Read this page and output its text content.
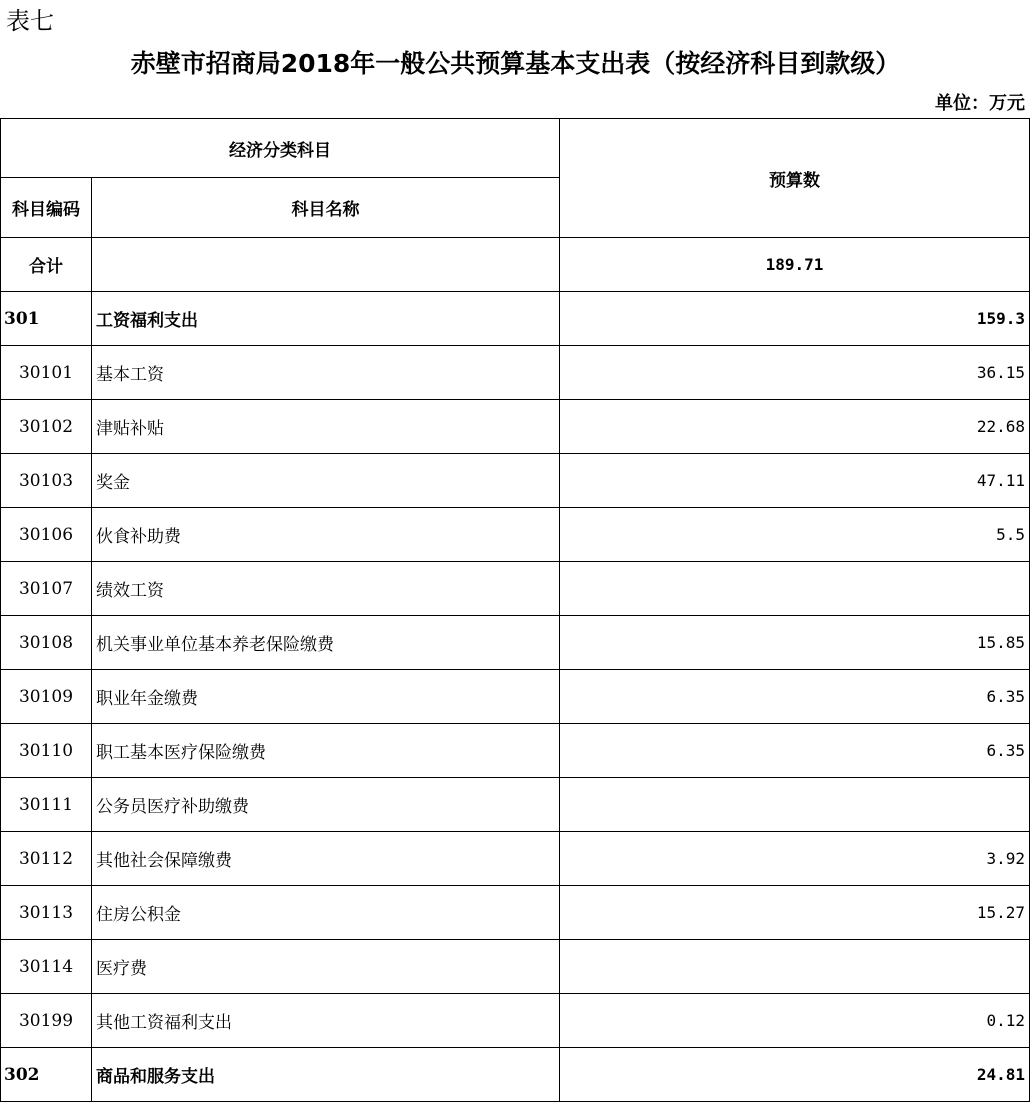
表七
赤壁市招商局2018年一般公共预算基本支出表（按经济科目到款级）
单位：万元
经济分类科目		预算数
科目编码	科目名称	
合计		189.71
301	工资福利支出	159.3
30101	基本工资	36.15
30102	津贴补贴	22.68
30103	奖金	47.11
30106	伙食补助费	5.5
30107	绩效工资	
30108	机关事业单位基本养老保险缴费	15.85
30109	职业年金缴费	6.35
30110	职工基本医疗保险缴费	6.35
30111	公务员医疗补助缴费	
30112	其他社会保障缴费	3.92
30113	住房公积金	15.27
30114	医疗费	
30199	其他工资福利支出	0.12
302	商品和服务支出	24.81
